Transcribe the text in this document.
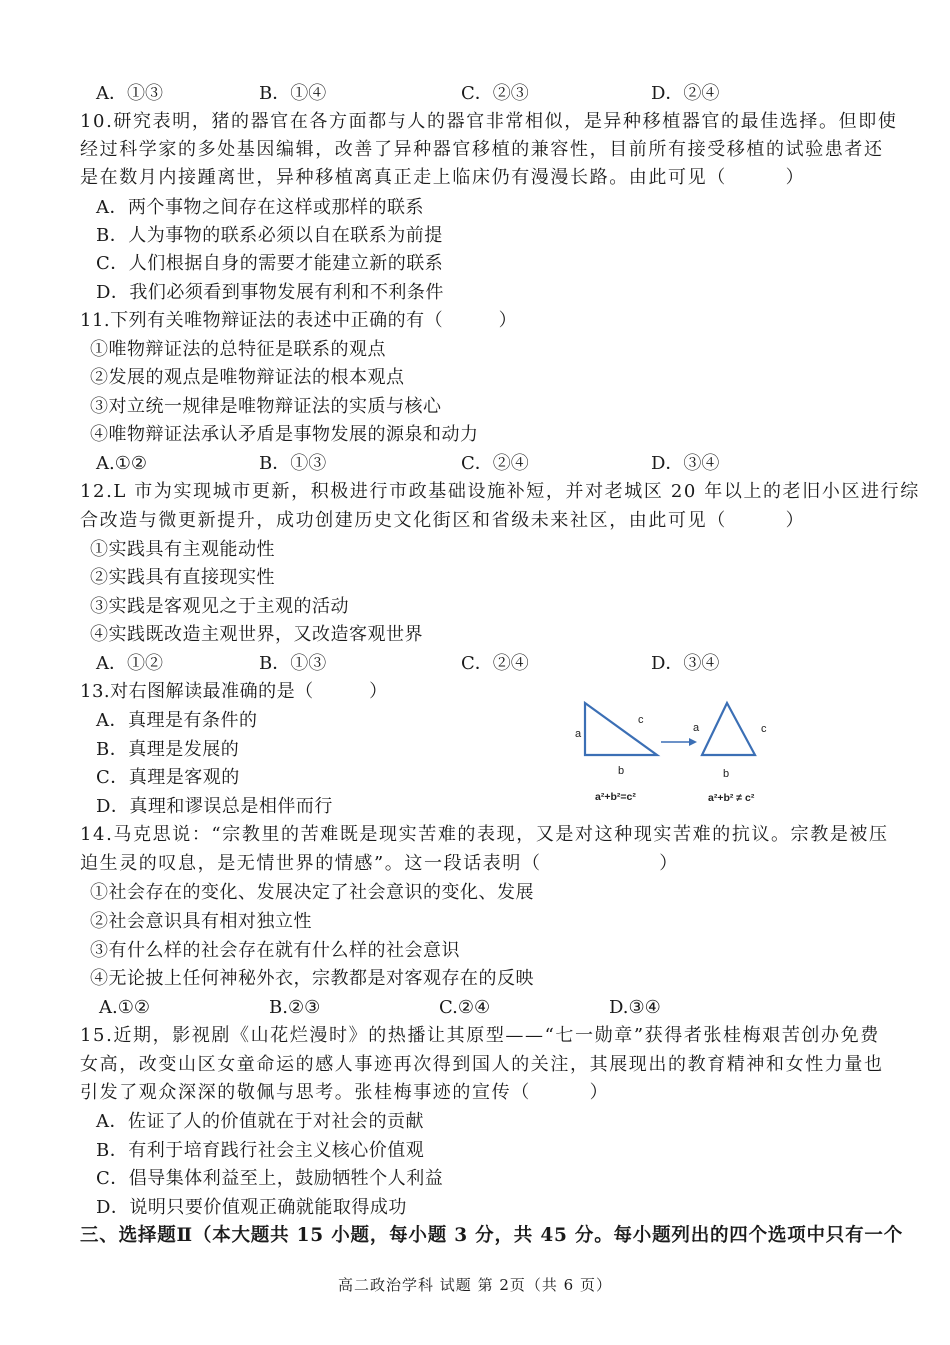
A．①③	B．①④	C．②③	D．②④
10.研究表明，猪的器官在各方面都与人的器官非常相似，是异种移植器官的最佳选择。但即使
经过科学家的多处基因编辑，改善了异种器官移植的兼容性，目前所有接受移植的试验患者还
是在数月内接踵离世，异种移植离真正走上临床仍有漫漫长路。由此可见（　　　）
A．两个事物之间存在这样或那样的联系
B．人为事物的联系必须以自在联系为前提
C．人们根据自身的需要才能建立新的联系
D．我们必须看到事物发展有利和不利条件
11.下列有关唯物辩证法的表述中正确的有（　　　）
①唯物辩证法的总特征是联系的观点
②发展的观点是唯物辩证法的根本观点
③对立统一规律是唯物辩证法的实质与核心
④唯物辩证法承认矛盾是事物发展的源泉和动力
A.①②	B．①③	C．②④	D．③④
12.L 市为实现城市更新，积极进行市政基础设施补短，并对老城区 20 年以上的老旧小区进行综
合改造与微更新提升，成功创建历史文化街区和省级未来社区，由此可见（　　　）
①实践具有主观能动性
②实践具有直接现实性
③实践是客观见之于主观的活动
④实践既改造主观世界，又改造客观世界
A．①②	B．①③	C．②④	D．③④
13.对右图解读最准确的是（　　　）
A．真理是有条件的
B．真理是发展的
C．真理是客观的
D．真理和谬误总是相伴而行
a
c
b
a²+b²=c²
a	c
b
a²+b² ≠ c²
14.马克思说：“宗教里的苦难既是现实苦难的表现，又是对这种现实苦难的抗议。宗教是被压
迫生灵的叹息，是无情世界的情感”。这一段话表明（　　　　　　）
①社会存在的变化、发展决定了社会意识的变化、发展
②社会意识具有相对独立性
③有什么样的社会存在就有什么样的社会意识
④无论披上任何神秘外衣，宗教都是对客观存在的反映
A.①②	B.②③	C.②④	D.③④
15.近期，影视剧《山花烂漫时》的热播让其原型——“七一勋章”获得者张桂梅艰苦创办免费
女高，改变山区女童命运的感人事迹再次得到国人的关注，其展现出的教育精神和女性力量也
引发了观众深深的敬佩与思考。张桂梅事迹的宣传（　　　）
A．佐证了人的价值就在于对社会的贡献
B．有利于培育践行社会主义核心价值观
C．倡导集体利益至上，鼓励牺牲个人利益
D．说明只要价值观正确就能取得成功
三、选择题Ⅱ（本大题共 15 小题，每小题 3 分，共 45 分。每小题列出的四个选项中只有一个
高二政治学科 试题 第 2页（共 6 页）
